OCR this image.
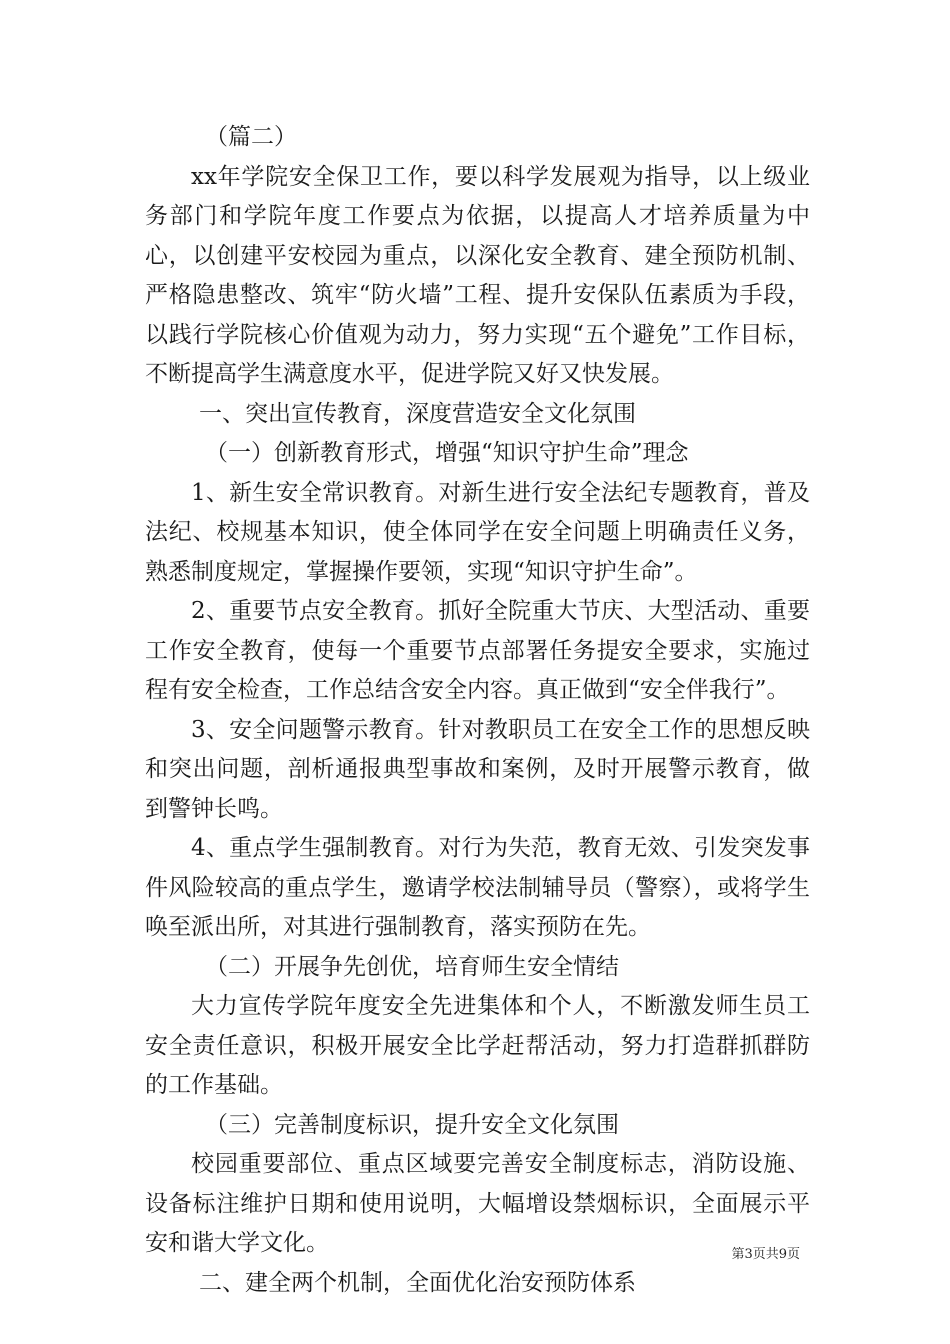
（篇二）

xx年学院安全保卫工作，要以科学发展观为指导，以上级业务部门和学院年度工作要点为依据，以提高人才培养质量为中心，以创建平安校园为重点，以深化安全教育、建全预防机制、严格隐患整改、筑牢“防火墙”工程、提升安保队伍素质为手段，以践行学院核心价值观为动力，努力实现“五个避免”工作目标，不断提高学生满意度水平，促进学院又好又快发展。

一、突出宣传教育，深度营造安全文化氛围

（一）创新教育形式，增强“知识守护生命”理念

1、新生安全常识教育。对新生进行安全法纪专题教育，普及法纪、校规基本知识，使全体同学在安全问题上明确责任义务，熟悉制度规定，掌握操作要领，实现“知识守护生命”。

2、重要节点安全教育。抓好全院重大节庆、大型活动、重要工作安全教育，使每一个重要节点部署任务提安全要求，实施过程有安全检查，工作总结含安全内容。真正做到“安全伴我行”。

3、安全问题警示教育。针对教职员工在安全工作的思想反映和突出问题，剖析通报典型事故和案例，及时开展警示教育，做到警钟长鸣。

4、重点学生强制教育。对行为失范，教育无效、引发突发事件风险较高的重点学生，邀请学校法制辅导员（警察），或将学生唤至派出所，对其进行强制教育，落实预防在先。

（二）开展争先创优，培育师生安全情结

大力宣传学院年度安全先进集体和个人，不断激发师生员工安全责任意识，积极开展安全比学赶帮活动，努力打造群抓群防的工作基础。

（三）完善制度标识，提升安全文化氛围

校园重要部位、重点区域要完善安全制度标志，消防设施、设备标注维护日期和使用说明，大幅增设禁烟标识，全面展示平安和谐大学文化。

二、建全两个机制，全面优化治安预防体系

第3页共9页
